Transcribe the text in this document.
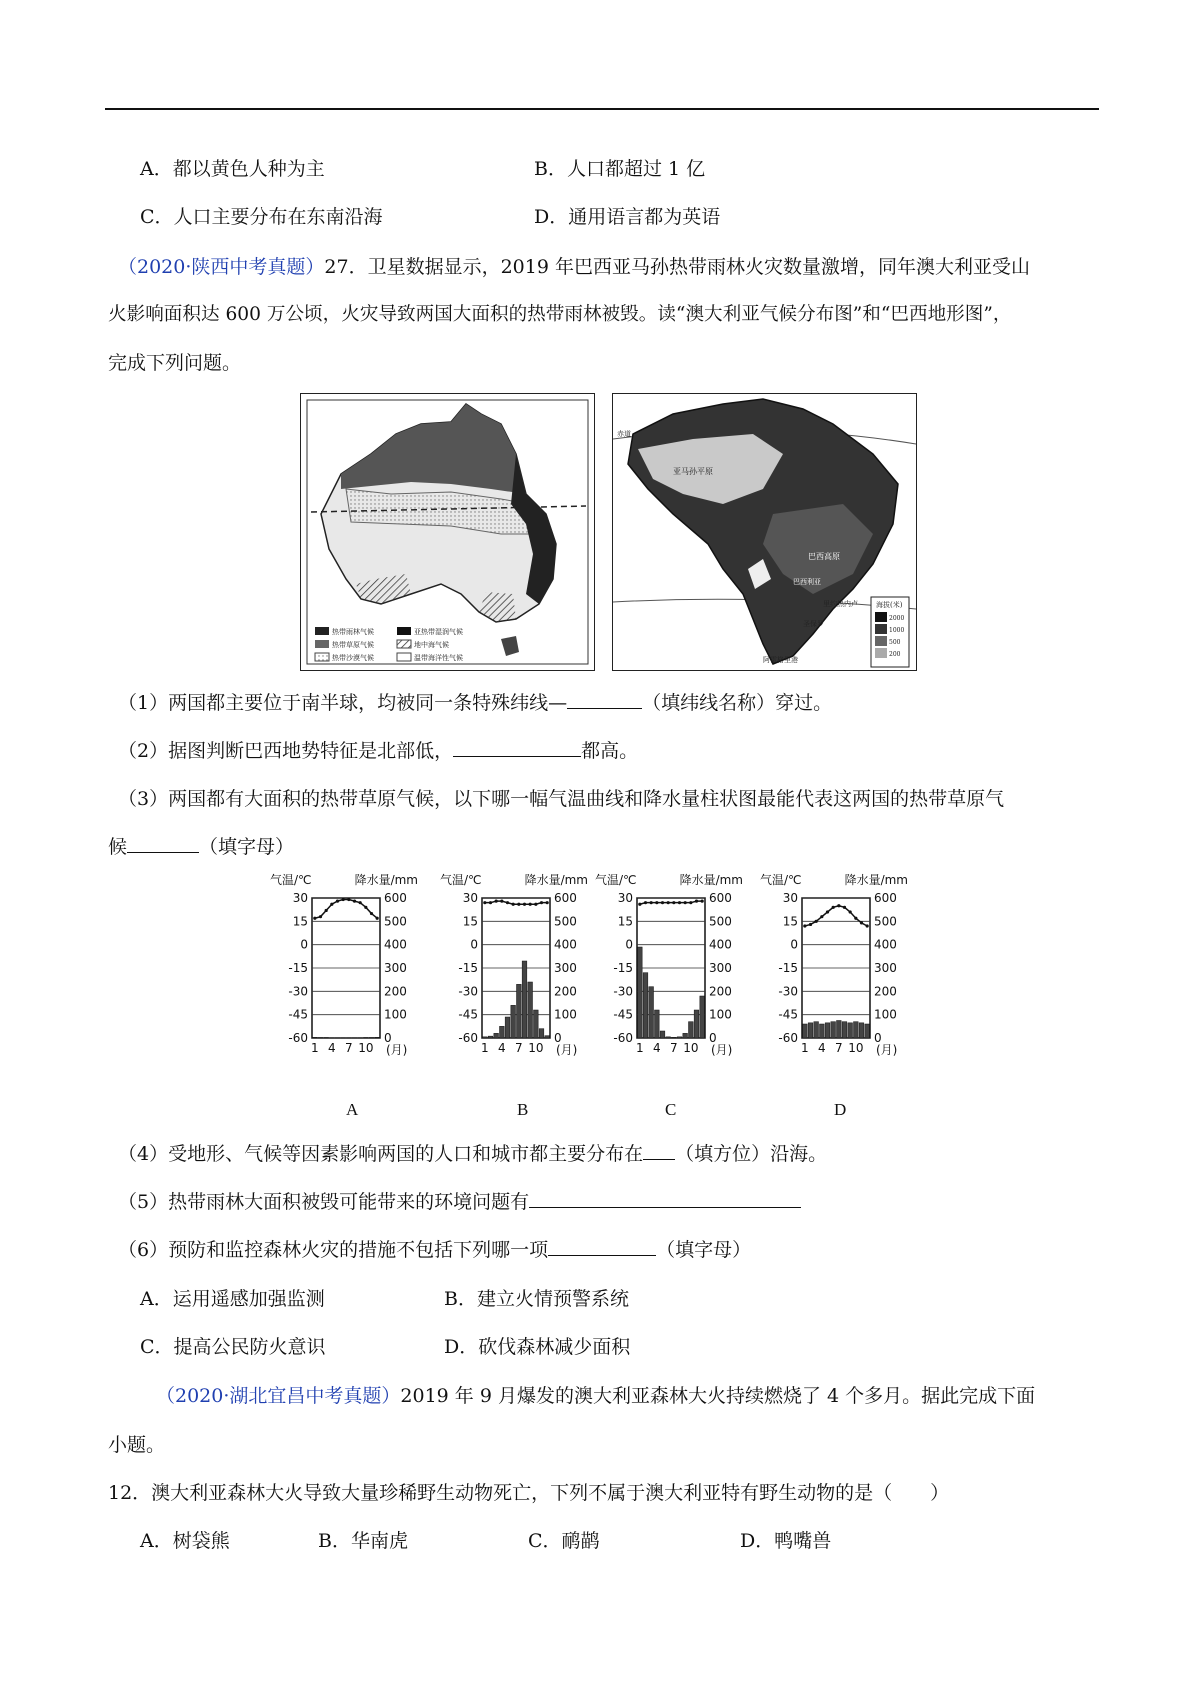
A．都以黄色人种为主	B．人口都超过 1 亿
C．人口主要分布在东南沿海	D．通用语言都为英语
（2020·陕西中考真题）27．卫星数据显示，2019 年巴西亚马孙热带雨林火灾数量激增，同年澳大利亚受山
火影响面积达 600 万公顷，火灾导致两国大面积的热带雨林被毁。读“澳大利亚气候分布图”和“巴西地形图”，
完成下列问题。
热带雨林气候
热带草原气候
热带沙漠气候
亚热带湿润气候
地中海气候
温带海洋性气候
海拔(米)
2000
1000
500
200
赤道
巴西高原
亚马孙平原
巴西利亚
里约热内卢
圣保罗
阿雷格里港
（1）两国都主要位于南半球，均被同一条特殊纬线—	（填纬线名称）穿过。
（2）据图判断巴西地势特征是北部低，	都高。
（3）两国都有大面积的热带草原气候，以下哪一幅气温曲线和降水量柱状图最能代表这两国的热带草原气
候	（填字母）
气温/℃	降水量/mm
30	600
15	500
0	400
-15	300
-30	200
-45	100
-60	0
1 4 7 10 (月)
气温/℃	降水量/mm
30	600
15	500
0	400
-15	300
-30	200
-45	100
-60	0
1 4 7 10 (月)
气温/℃	降水量/mm
30	600
15	500
0	400
-15	300
-30	200
-45	100
-60	0
1 4 7 10 (月)
气温/℃	降水量/mm
30	600
15	500
0	400
-15	300
-30	200
-45	100
-60	0
1 4 7 10 (月)
A	B	C	D
（4）受地形、气候等因素影响两国的人口和城市都主要分布在 （填方位）沿海。
（5）热带雨林大面积被毁可能带来的环境问题有
（6）预防和监控森林火灾的措施不包括下列哪一项	（填字母）
A．运用遥感加强监测	B．建立火情预警系统
C．提高公民防火意识	D．砍伐森林减少面积
（2020·湖北宜昌中考真题）2019 年 9 月爆发的澳大利亚森林大火持续燃烧了 4 个多月。据此完成下面
小题。
12．澳大利亚森林大火导致大量珍稀野生动物死亡，下列不属于澳大利亚特有野生动物的是（　　）
A．树袋熊	B．华南虎	C．鸸鹋	D．鸭嘴兽
